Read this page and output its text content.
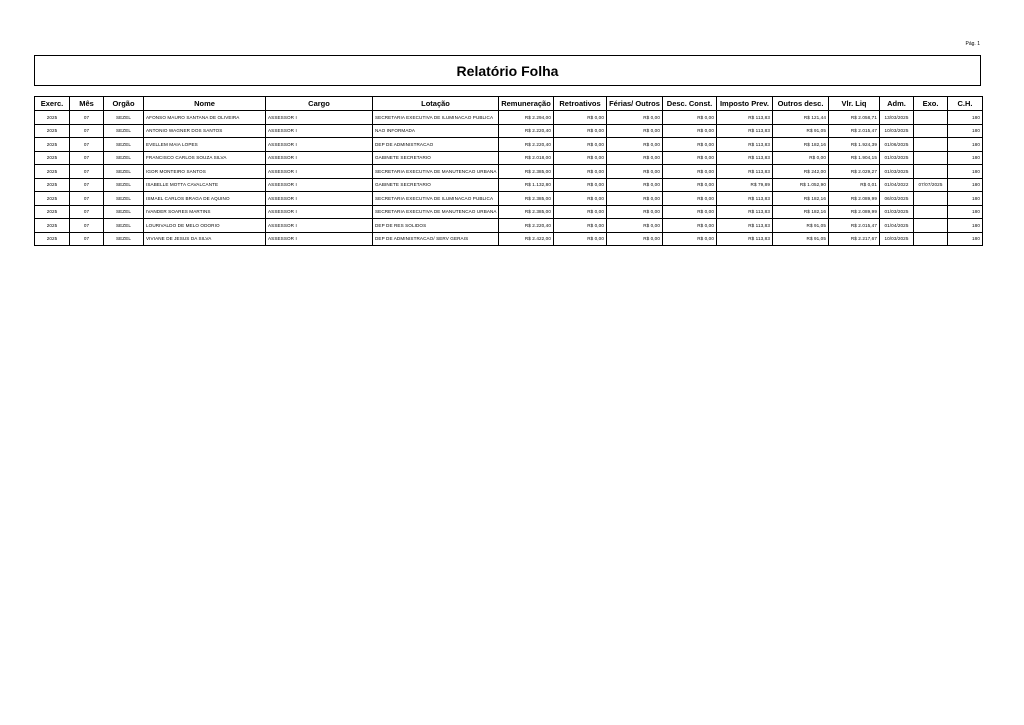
Pág. 1
Relatório Folha
Exerc.	Mês	Orgão	Nome	Cargo	Lotação	Remuneração	Retroativos	Férias/ Outros	Desc. Const.	Imposto Prev.	Outros desc.	Vlr. Liq	Adm.	Exo.	C.H.
2025	07	SEZEL	AFONSO MAURO SANTANA DE OLIVEIRA	ASSESSOR I	SECRETARIA EXECUTIVA DE ILUMINACAO PUBLICA	R$ 2.294,00	R$ 0,00	R$ 0,00	R$ 0,00	R$ 113,83	R$ 121,44	R$ 2.058,71	13/03/2025		180
2025	07	SEZEL	ANTONIO WAGNER DOS SANTOS	ASSESSOR I	NAO INFORMADA	R$ 2.220,40	R$ 0,00	R$ 0,00	R$ 0,00	R$ 113,83	R$ 91,05	R$ 2.015,47	10/03/2025		180
2025	07	SEZEL	EVELLEM MAIA LOPES	ASSESSOR I	DEP DE ADMINISTRACAO	R$ 2.220,40	R$ 0,00	R$ 0,00	R$ 0,00	R$ 113,83	R$ 182,16	R$ 1.924,39	01/06/2025		180
2025	07	SEZEL	FRANCISCO CARLOS SOUZA SILVA	ASSESSOR I	GABINETE SECRETARIO	R$ 2.018,00	R$ 0,00	R$ 0,00	R$ 0,00	R$ 113,83	R$ 0,00	R$ 1.904,15	01/03/2025		180
2025	07	SEZEL	IGOR MONTEIRO SANTOS	ASSESSOR I	SECRETARIA EXECUTIVA DE MANUTENCAO URBANA	R$ 2.385,00	R$ 0,00	R$ 0,00	R$ 0,00	R$ 113,83	R$ 242,00	R$ 2.029,27	01/03/2025		180
2025	07	SEZEL	ISABELLE MOTTA CAVALCANTE	ASSESSOR I	GABINETE SECRETARIO	R$ 1.132,80	R$ 0,00	R$ 0,00	R$ 0,00	R$ 79,89	R$ 1.052,90	R$ 0,01	01/04/2022	07/07/2025	180
2025	07	SEZEL	ISMAEL CARLOS BRAGA DE AQUINO	ASSESSOR I	SECRETARIA EXECUTIVA DE ILUMINACAO PUBLICA	R$ 2.385,00	R$ 0,00	R$ 0,00	R$ 0,00	R$ 113,83	R$ 182,16	R$ 2.089,99	06/03/2025		180
2025	07	SEZEL	IVANDER SOARES MARTINS	ASSESSOR I	SECRETARIA EXECUTIVA DE MANUTENCAO URBANA	R$ 2.385,00	R$ 0,00	R$ 0,00	R$ 0,00	R$ 113,83	R$ 182,16	R$ 2.089,99	01/03/2025		180
2025	07	SEZEL	LOURIVALDO DE MELO ODORIO	ASSESSOR I	DEP DE RES SOLIDOS	R$ 2.220,40	R$ 0,00	R$ 0,00	R$ 0,00	R$ 113,83	R$ 91,05	R$ 2.015,47	01/04/2025		180
2025	07	SEZEL	VIVIANE DE JESUS DA SILVA	ASSESSOR I	DEP DE ADMINISTRACAO/ SERV GERAIS	R$ 2.422,00	R$ 0,00	R$ 0,00	R$ 0,00	R$ 113,83	R$ 91,05	R$ 2.217,67	10/03/2025		180
